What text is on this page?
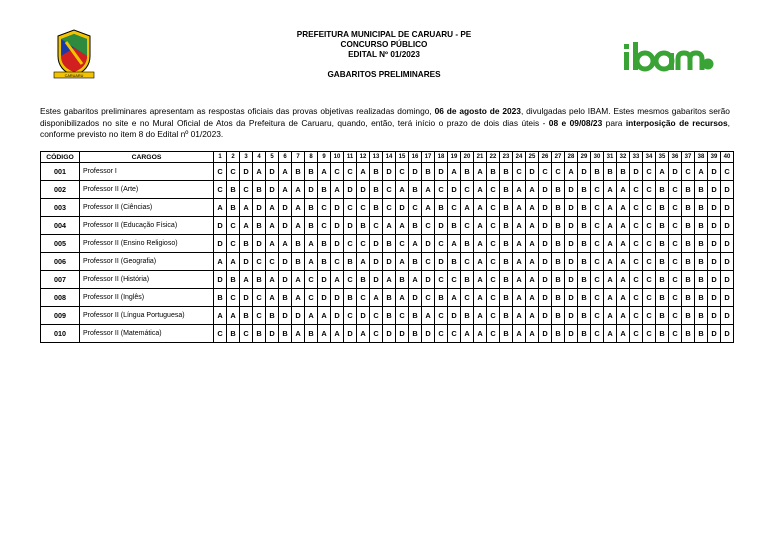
CARUARU
PREFEITURA MUNICIPAL DE CARUARU - PE
CONCURSO PÚBLICO
EDITAL Nº 01/2023
GABARITOS PRELIMINARES
Estes gabaritos preliminares apresentam as respostas oficiais das provas objetivas realizadas domingo, 06 de agosto de 2023, divulgadas pelo IBAM. Estes mesmos gabaritos serão disponibilizados no site e no Mural Oficial de Atos da Prefeitura de Caruaru, quando, então, terá início o prazo de dois dias úteis - 08 e 09/08/23 para interposição de recursos, conforme previsto no item 8 do Edital nº 01/2023.
CÓDIGO	CARGOS	1	2	3	4	5	6	7	8	9	10	11	12	13	14	15	16	17	18	19	20	21	22	23	24	25	26	27	28	29	30	31	32	33	34	35	36	37	38	39	40
001	Professor I	C	C	D	A	D	A	B	B	A	C	C	A	B	D	C	D	B	D	A	B	A	B	B	C	D	C	C	A	D	B	B	B	D	C	A	D	C	A	D	C
002	Professor II (Arte)	C	B	C	B	D	A	A	D	B	A	D	D	B	C	A	B	A	C	D	C	A	C	B	A	A	D	B	D	B	C	A	A	C	C	B	C	B	B	D	D
003	Professor II (Ciências)	A	B	A	D	A	D	A	B	C	D	C	C	B	C	D	C	A	B	C	A	A	C	B	A	A	D	B	D	B	C	A	A	C	C	B	C	B	B	D	D
004	Professor II (Educação Física)	D	C	A	B	A	D	A	B	C	D	D	B	C	A	A	B	C	D	B	C	A	C	B	A	A	D	B	D	B	C	A	A	C	C	B	C	B	B	D	D
005	Professor II (Ensino Religioso)	D	C	B	D	A	A	B	A	B	D	C	C	D	B	C	A	D	C	A	B	A	C	B	A	A	D	B	D	B	C	A	A	C	C	B	C	B	B	D	D
006	Professor II (Geografia)	A	A	D	C	C	D	B	A	B	C	B	A	D	D	A	B	C	D	B	C	A	C	B	A	A	D	B	D	B	C	A	A	C	C	B	C	B	B	D	D
007	Professor II (História)	D	B	A	B	A	D	A	C	D	A	C	B	D	A	B	A	D	C	C	B	A	C	B	A	A	D	B	D	B	C	A	A	C	C	B	C	B	B	D	D
008	Professor II (Inglês)	B	C	D	C	A	B	A	C	D	D	B	C	A	B	A	D	C	B	A	C	A	C	B	A	A	D	B	D	B	C	A	A	C	C	B	C	B	B	D	D
009	Professor II (Língua Portuguesa)	A	A	B	C	B	D	D	A	A	D	C	D	C	B	C	B	A	C	D	B	A	C	B	A	A	D	B	D	B	C	A	A	C	C	B	C	B	B	D	D
010	Professor II (Matemática)	C	B	C	B	D	B	A	B	A	A	D	A	C	D	D	B	D	C	C	A	A	C	B	A	A	D	B	D	B	C	A	A	C	C	B	C	B	B	D	D
